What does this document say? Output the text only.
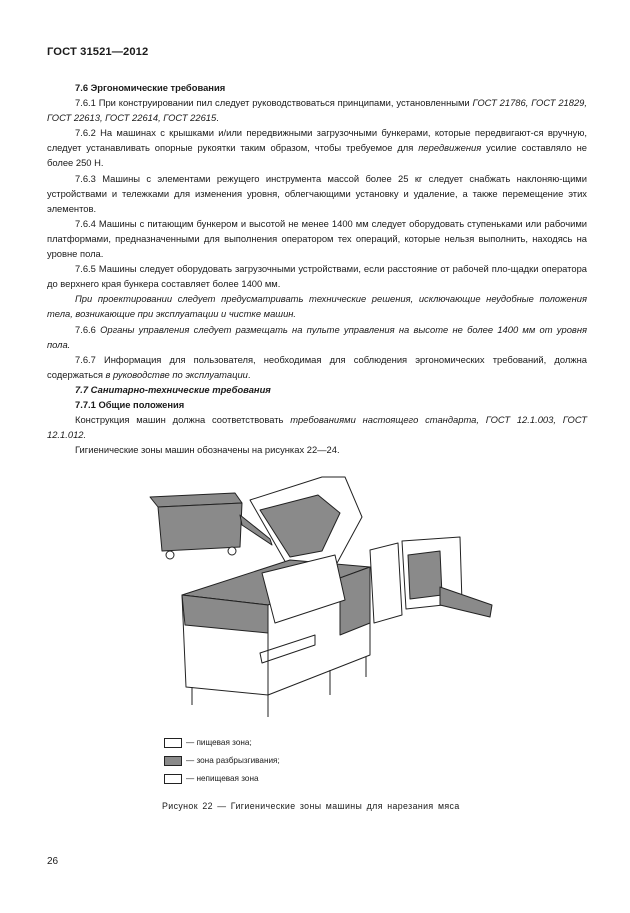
ГОСТ 31521—2012

7.6 Эргономические требования

7.6.1 При конструировании пил следует руководствоваться принципами, установленными ГОСТ 21786, ГОСТ 21829, ГОСТ 22613, ГОСТ 22614, ГОСТ 22615.

7.6.2 На машинах с крышками и/или передвижными загрузочными бункерами, которые передвигают-ся вручную, следует устанавливать опорные рукоятки таким образом, чтобы требуемое для передвижения усилие составляло не более 250 Н.

7.6.3 Машины с элементами режущего инструмента массой более 25 кг следует снабжать наклоняю-щими устройствами и тележками для изменения уровня, облегчающими установку и удаление, а также перемещение этих элементов.

7.6.4 Машины с питающим бункером и высотой не менее 1400 мм следует оборудовать ступеньками или рабочими платформами, предназначенными для выполнения оператором тех операций, которые нельзя выполнить, находясь на уровне пола.

7.6.5 Машины следует оборудовать загрузочными устройствами, если расстояние от рабочей пло-щадки оператора до верхнего края бункера составляет более 1400 мм.

При проектировании следует предусматривать технические решения, исключающие неудобные положения тела, возникающие при эксплуатации и чистке машин.

7.6.6 Органы управления следует размещать на пульте управления на высоте не более 1400 мм от уровня пола.

7.6.7 Информация для пользователя, необходимая для соблюдения эргономических требований, должна содержаться в руководстве по эксплуатации.

7.7 Санитарно-технические требования

7.7.1 Общие положения

Конструкция машин должна соответствовать требованиями настоящего стандарта, ГОСТ 12.1.003, ГОСТ 12.1.012.

Гигиенические зоны машин обозначены на рисунках 22—24.

— пищевая зона;
— зона разбрызгивания;
— непищевая зона
Рисунок 22 — Гигиенические зоны машины для нарезания мяса
26
